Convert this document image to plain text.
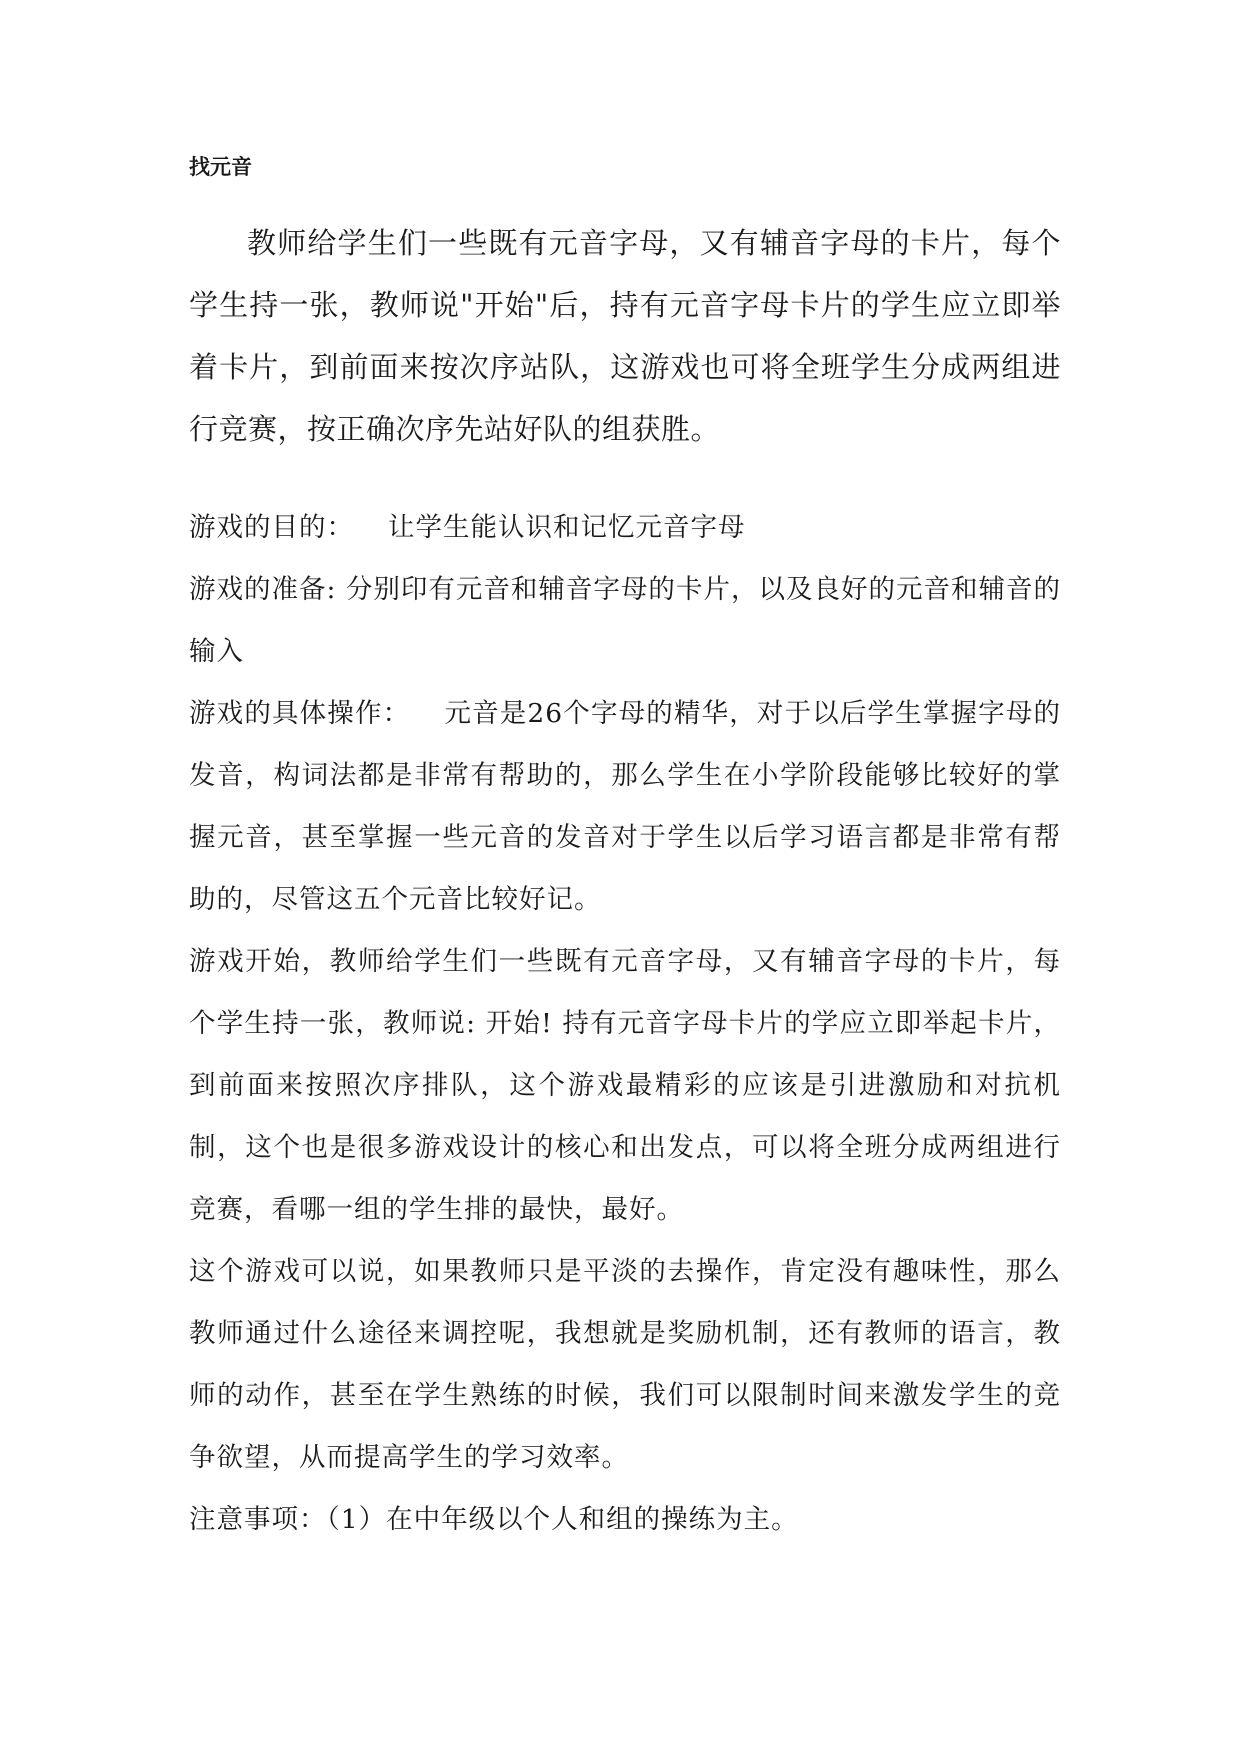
找元音

教师给学生们一些既有元音字母，又有辅音字母的卡片，每个学生持一张，教师说"开始"后，持有元音字母卡片的学生应立即举着卡片，到前面来按次序站队，这游戏也可将全班学生分成两组进行竞赛，按正确次序先站好队的组获胜。

游戏的目的： 让学生能认识和记忆元音字母

游戏的准备: 分别印有元音和辅音字母的卡片，以及良好的元音和辅音的输入

游戏的具体操作： 元音是26个字母的精华，对于以后学生掌握字母的发音，构词法都是非常有帮助的，那么学生在小学阶段能够比较好的掌握元音，甚至掌握一些元音的发音对于学生以后学习语言都是非常有帮助的，尽管这五个元音比较好记。

游戏开始，教师给学生们一些既有元音字母，又有辅音字母的卡片，每个学生持一张，教师说: 开始! 持有元音字母卡片的学应立即举起卡片，到前面来按照次序排队，这个游戏最精彩的应该是引进激励和对抗机制，这个也是很多游戏设计的核心和出发点，可以将全班分成两组进行竞赛，看哪一组的学生排的最快，最好。

这个游戏可以说，如果教师只是平淡的去操作，肯定没有趣味性，那么教师通过什么途径来调控呢，我想就是奖励机制，还有教师的语言，教师的动作，甚至在学生熟练的时候，我们可以限制时间来激发学生的竞争欲望，从而提高学生的学习效率。

注意事项：（1）在中年级以个人和组的操练为主。
